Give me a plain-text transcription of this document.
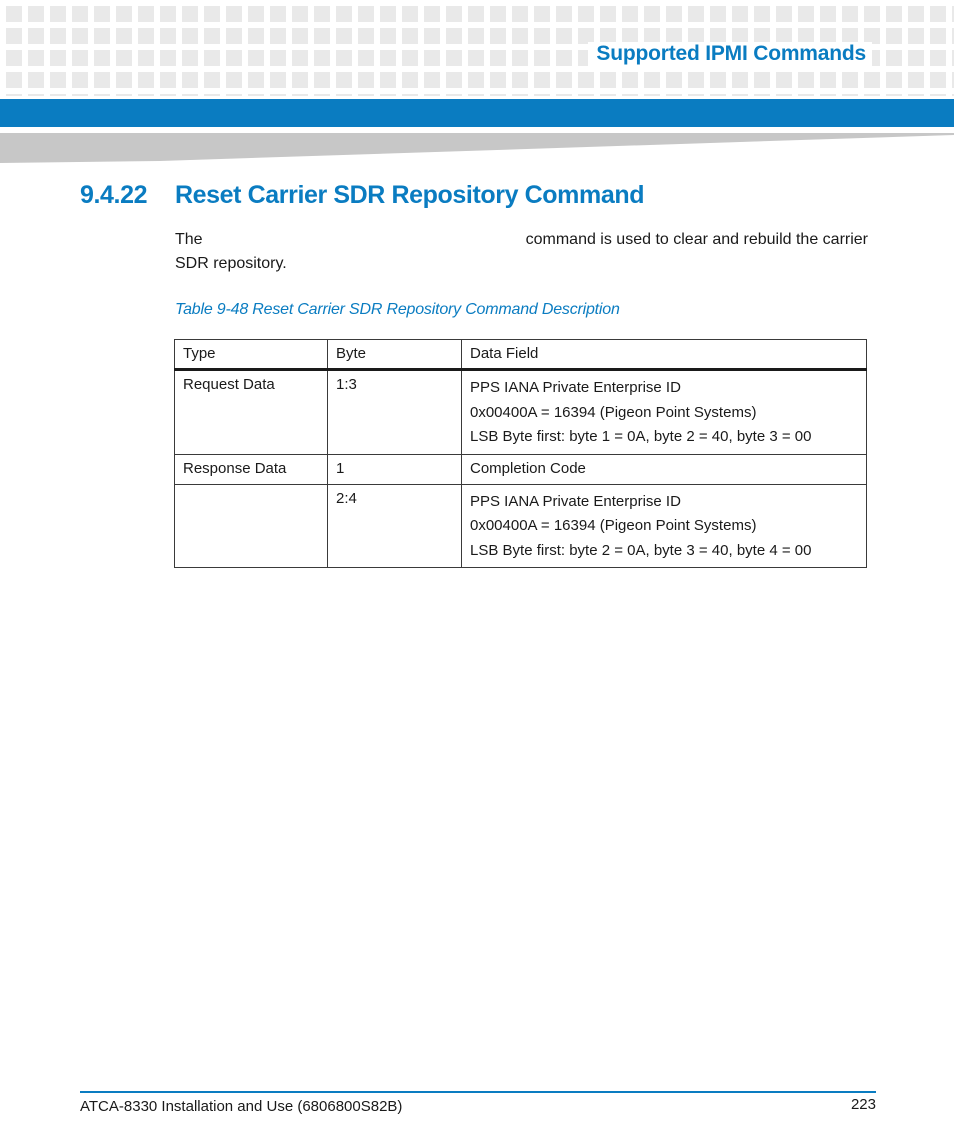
Supported IPMI Commands
9.4.22 Reset Carrier SDR Repository Command
The	command is used to clear and rebuild the carrier
SDR repository.
Table 9-48 Reset Carrier SDR Repository Command Description
Type	Byte	Data Field
Request Data	1:3	PPS IANA Private Enterprise ID
0x00400A = 16394 (Pigeon Point Systems)
LSB Byte first: byte 1 = 0A, byte 2 = 40, byte 3 = 00

Response Data	1	Completion Code

	2:4	PPS IANA Private Enterprise ID
0x00400A = 16394 (Pigeon Point Systems)
LSB Byte first: byte 2 = 0A, byte 3 = 40, byte 4 = 00
ATCA-8330 Installation and Use (6806800S82B)	223
